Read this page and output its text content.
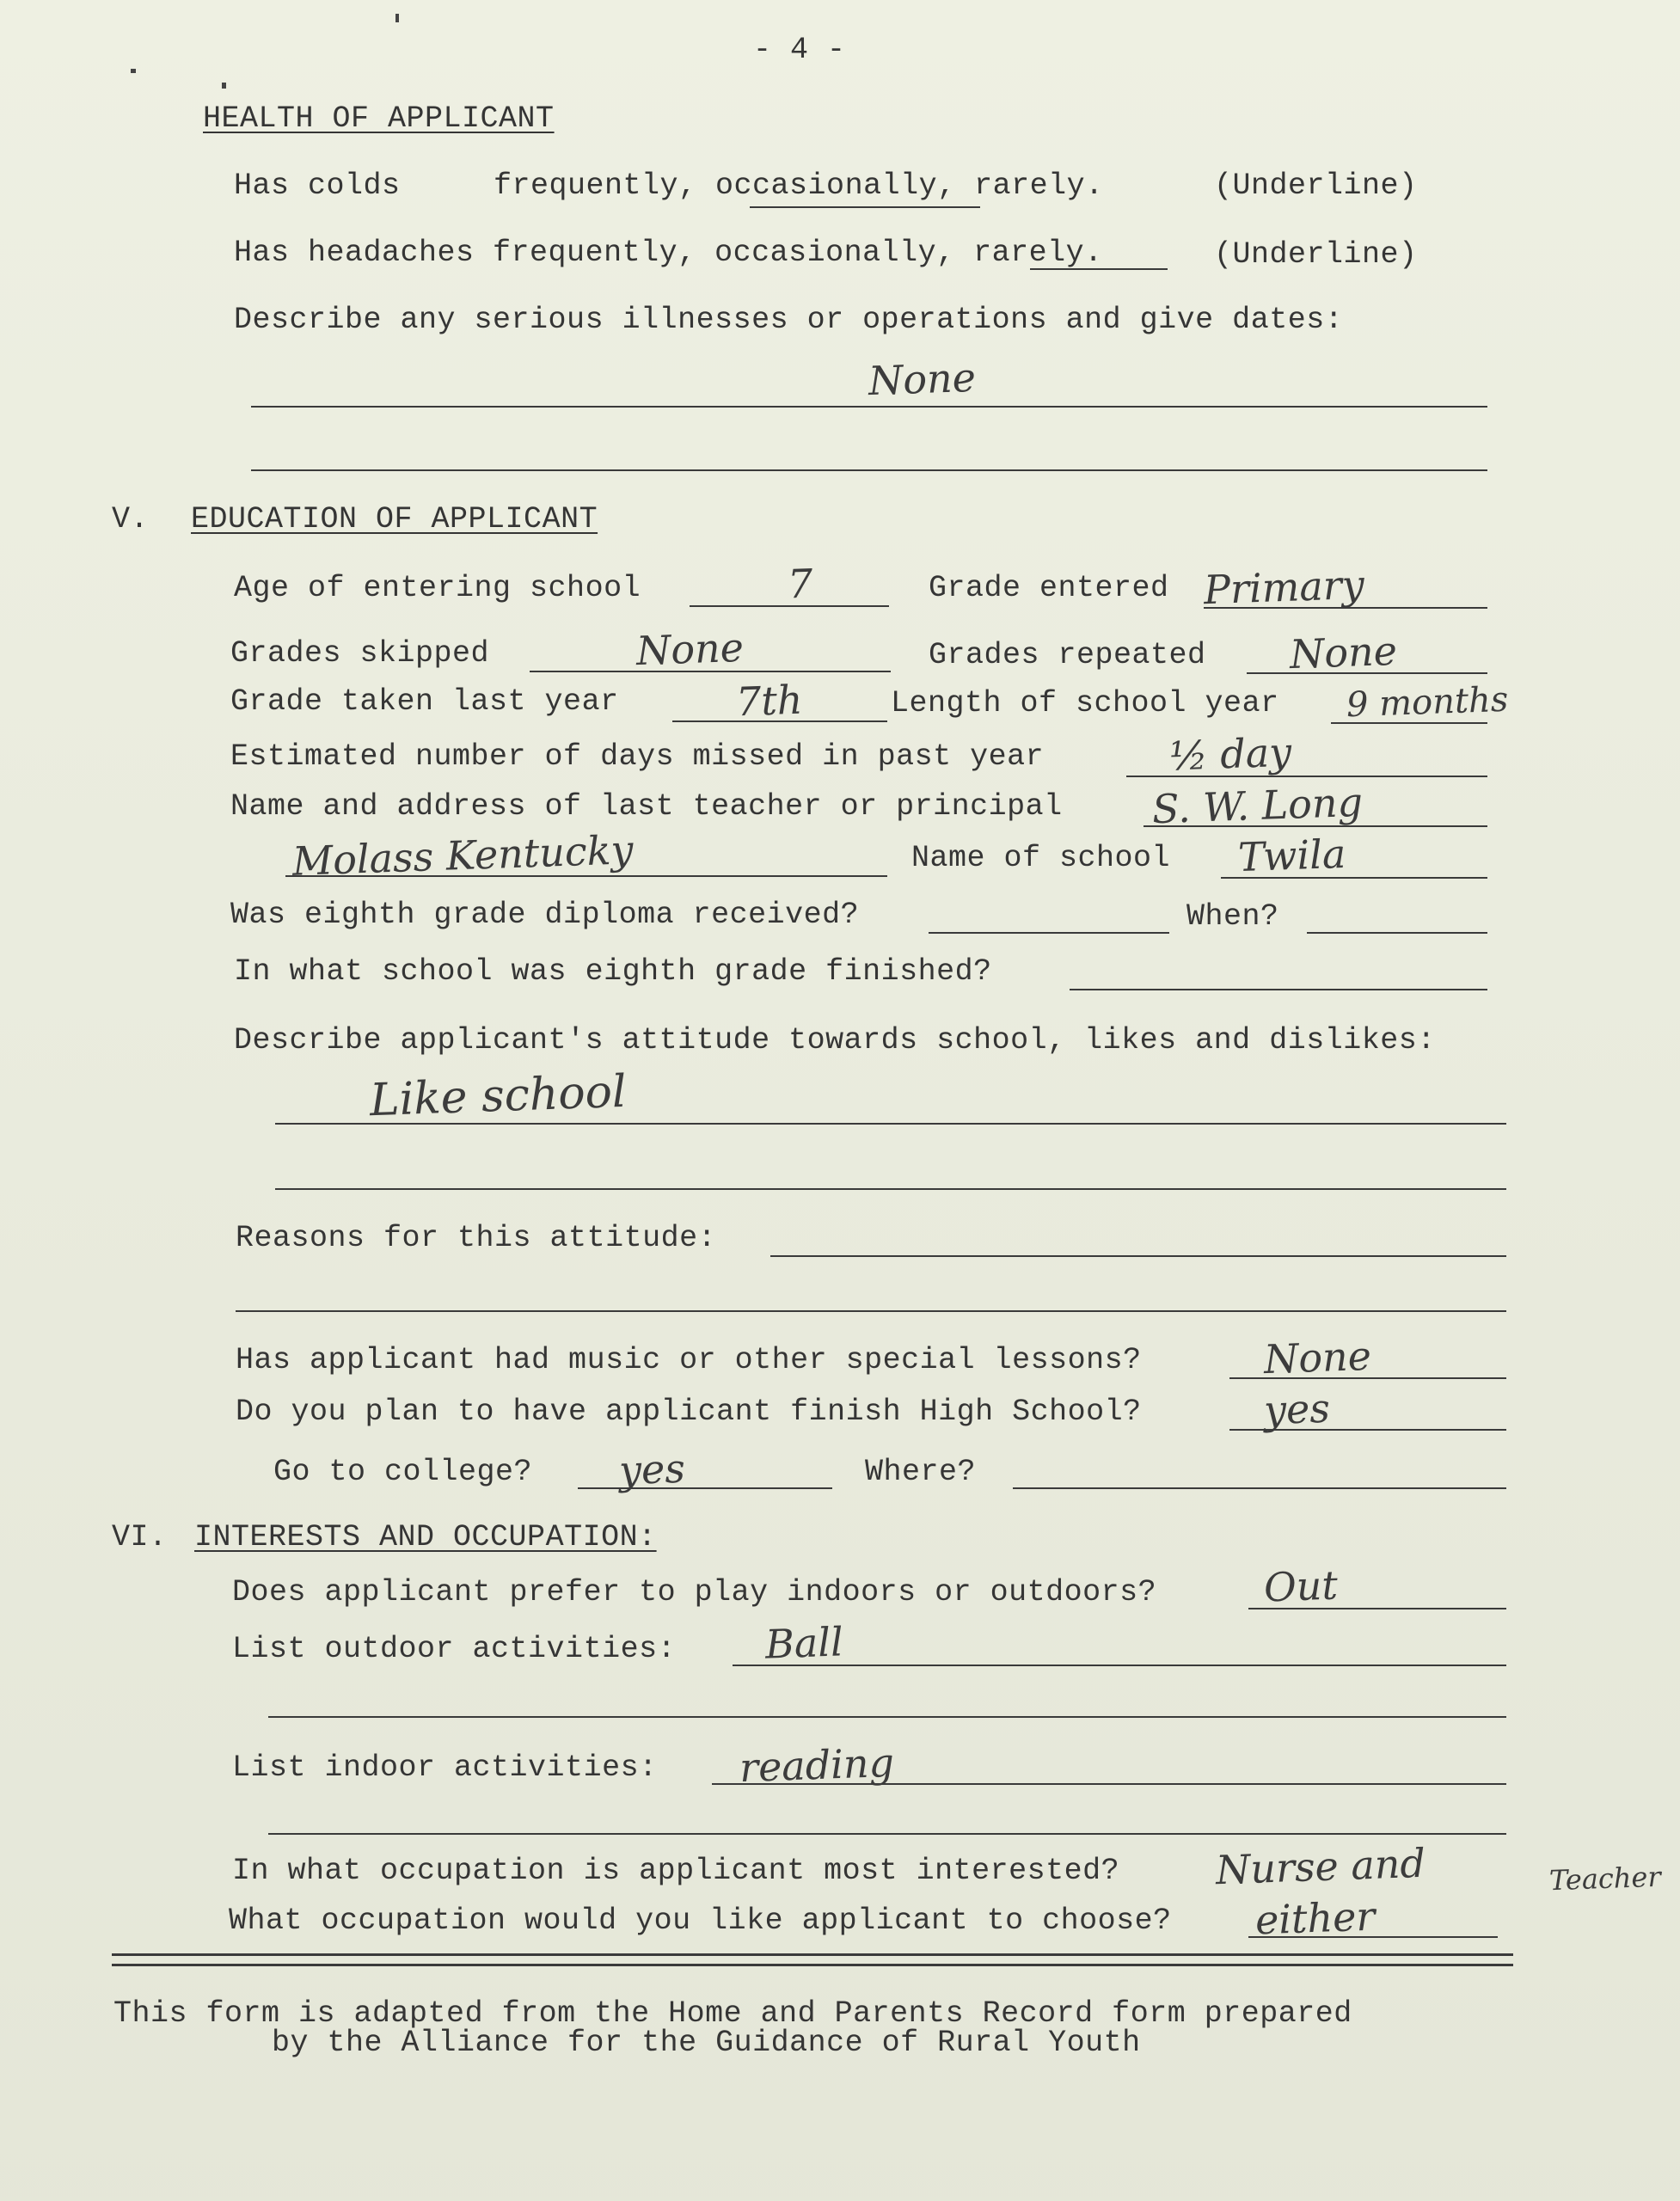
- 4 -
HEALTH OF APPLICANT
Has colds	frequently, occasionally, rarely.	(Underline)
Has headaches frequently, occasionally, rarely.	(Underline)
Describe any serious illnesses or operations and give dates:
None
V. EDUCATION OF APPLICANT
Age of entering school	7	Grade entered Primary
Grades skipped	None	Grades repeated None
Grade taken last year	7th	Length of school year 9 months
Estimated number of days missed in past year	½ day
Name and address of last teacher or principal S. W. Long
Molass Kentucky	Name of school Twila
Was eighth grade diploma received?	When?
In what school was eighth grade finished?
Describe applicant's attitude towards school, likes and dislikes:
Like school
Reasons for this attitude:
Has applicant had music or other special lessons?	None
Do you plan to have applicant finish High School?	yes
Go to college? yes	Where?
VI. INTERESTS AND OCCUPATION:
Does applicant prefer to play indoors or outdoors?	Out
List outdoor activities: Ball
List indoor activities: reading
In what occupation is applicant most interested? Nurse and	Teacher
What occupation would you like applicant to choose? either
This form is adapted from the Home and Parents Record form prepared
by the Alliance for the Guidance of Rural Youth
